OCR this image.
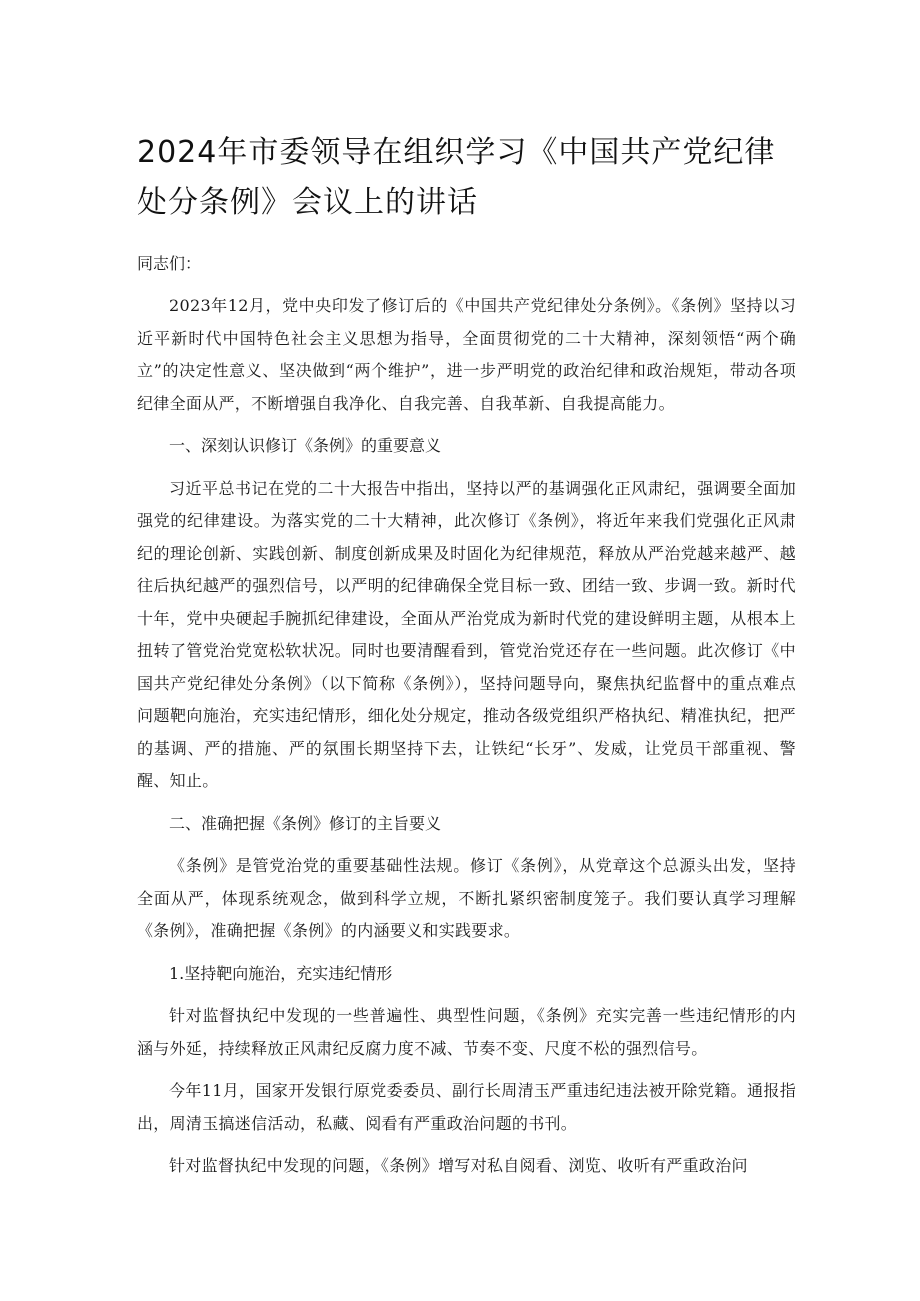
2024年市委领导在组织学习《中国共产党纪律处分条例》会议上的讲话

同志们：

2023年12月，党中央印发了修订后的《中国共产党纪律处分条例》。《条例》坚持以习近平新时代中国特色社会主义思想为指导，全面贯彻党的二十大精神，深刻领悟“两个确立”的决定性意义、坚决做到“两个维护”，进一步严明党的政治纪律和政治规矩，带动各项纪律全面从严，不断增强自我净化、自我完善、自我革新、自我提高能力。

一、深刻认识修订《条例》的重要意义

习近平总书记在党的二十大报告中指出，坚持以严的基调强化正风肃纪，强调要全面加强党的纪律建设。为落实党的二十大精神，此次修订《条例》，将近年来我们党强化正风肃纪的理论创新、实践创新、制度创新成果及时固化为纪律规范，释放从严治党越来越严、越往后执纪越严的强烈信号，以严明的纪律确保全党目标一致、团结一致、步调一致。新时代十年，党中央硬起手腕抓纪律建设，全面从严治党成为新时代党的建设鲜明主题，从根本上扭转了管党治党宽松软状况。同时也要清醒看到，管党治党还存在一些问题。此次修订《中国共产党纪律处分条例》（以下简称《条例》），坚持问题导向，聚焦执纪监督中的重点难点问题靶向施治，充实违纪情形，细化处分规定，推动各级党组织严格执纪、精准执纪，把严的基调、严的措施、严的氛围长期坚持下去，让铁纪“长牙”、发威，让党员干部重视、警醒、知止。

二、准确把握《条例》修订的主旨要义

《条例》是管党治党的重要基础性法规。修订《条例》，从党章这个总源头出发，坚持全面从严，体现系统观念，做到科学立规，不断扎紧织密制度笼子。我们要认真学习理解《条例》，准确把握《条例》的内涵要义和实践要求。

1.坚持靶向施治，充实违纪情形

针对监督执纪中发现的一些普遍性、典型性问题，《条例》充实完善一些违纪情形的内涵与外延，持续释放正风肃纪反腐力度不减、节奏不变、尺度不松的强烈信号。

今年11月，国家开发银行原党委委员、副行长周清玉严重违纪违法被开除党籍。通报指出，周清玉搞迷信活动，私藏、阅看有严重政治问题的书刊。

针对监督执纪中发现的问题，《条例》增写对私自阅看、浏览、收听有严重政治问
